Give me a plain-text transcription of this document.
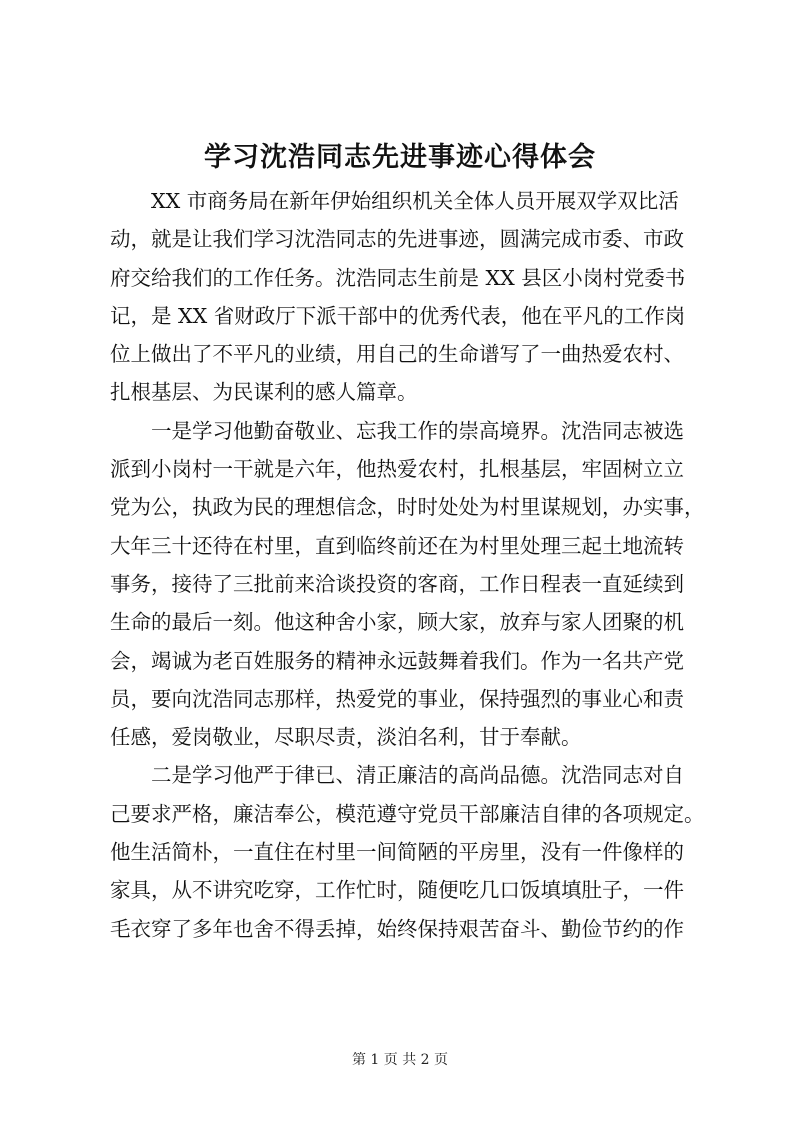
学习沈浩同志先进事迹心得体会
XX 市商务局在新年伊始组织机关全体人员开展双学双比活
动，就是让我们学习沈浩同志的先进事迹，圆满完成市委、市政
府交给我们的工作任务。沈浩同志生前是 XX 县区小岗村党委书
记，是 XX 省财政厅下派干部中的优秀代表，他在平凡的工作岗
位上做出了不平凡的业绩，用自己的生命谱写了一曲热爱农村、
扎根基层、为民谋利的感人篇章。
一是学习他勤奋敬业、忘我工作的崇高境界。沈浩同志被选
派到小岗村一干就是六年，他热爱农村，扎根基层，牢固树立立
党为公，执政为民的理想信念，时时处处为村里谋规划，办实事，
大年三十还待在村里，直到临终前还在为村里处理三起土地流转
事务，接待了三批前来洽谈投资的客商，工作日程表一直延续到
生命的最后一刻。他这种舍小家，顾大家，放弃与家人团聚的机
会，竭诚为老百姓服务的精神永远鼓舞着我们。作为一名共产党
员，要向沈浩同志那样，热爱党的事业，保持强烈的事业心和责
任感，爱岗敬业，尽职尽责，淡泊名利，甘于奉献。
二是学习他严于律已、清正廉洁的高尚品德。沈浩同志对自
己要求严格，廉洁奉公，模范遵守党员干部廉洁自律的各项规定。
他生活简朴，一直住在村里一间简陋的平房里，没有一件像样的
家具，从不讲究吃穿，工作忙时，随便吃几口饭填填肚子，一件
毛衣穿了多年也舍不得丢掉，始终保持艰苦奋斗、勤俭节约的作
第 1 页 共 2 页
